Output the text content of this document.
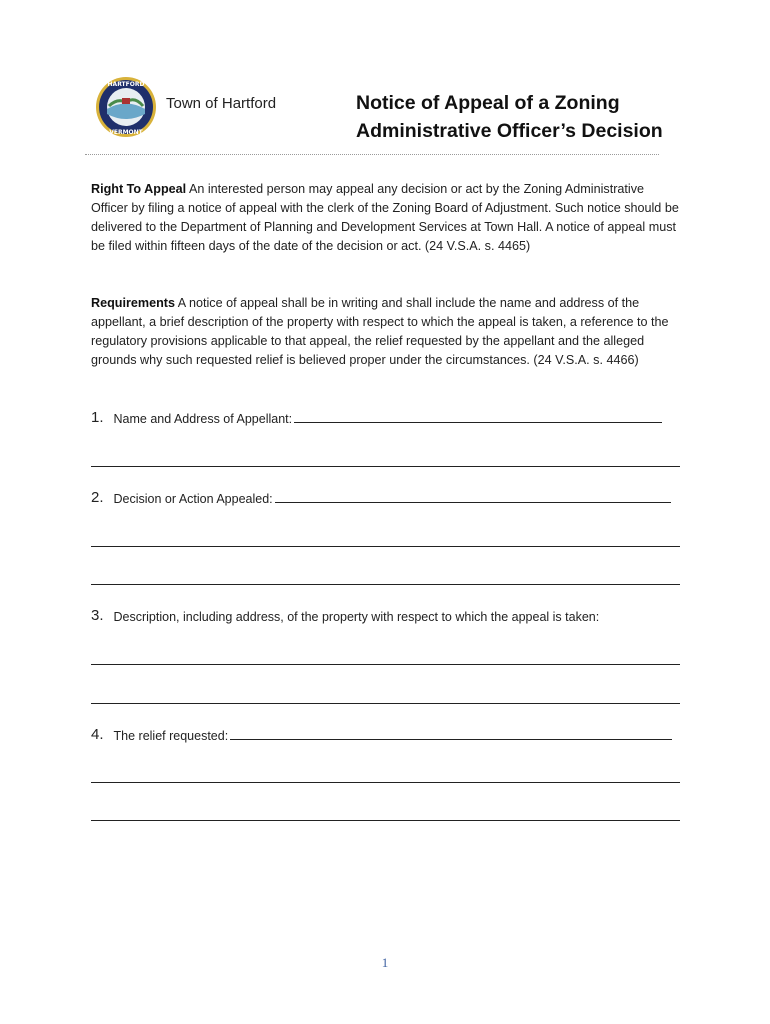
HARTFORD
VERMONT
Town of Hartford	Notice of Appeal of a Zoning
Administrative Officer’s Decision
Right To Appeal An interested person may appeal any decision or act by the Zoning Administrative Officer by filing a notice of appeal with the clerk of the Zoning Board of Adjustment. Such notice should be delivered to the Department of Planning and Development Services at Town Hall. A notice of appeal must be filed within fifteen days of the date of the decision or act. (24 V.S.A. s. 4465)
Requirements A notice of appeal shall be in writing and shall include the name and address of the appellant, a brief description of the property with respect to which the appeal is taken, a reference to the regulatory provisions applicable to that appeal, the relief requested by the appellant and the alleged grounds why such requested relief is believed proper under the circumstances. (24 V.S.A. s. 4466)
1. Name and Address of Appellant:
2. Decision or Action Appealed:
3. Description, including address, of the property with respect to which the appeal is taken:
4. The relief requested:
1
